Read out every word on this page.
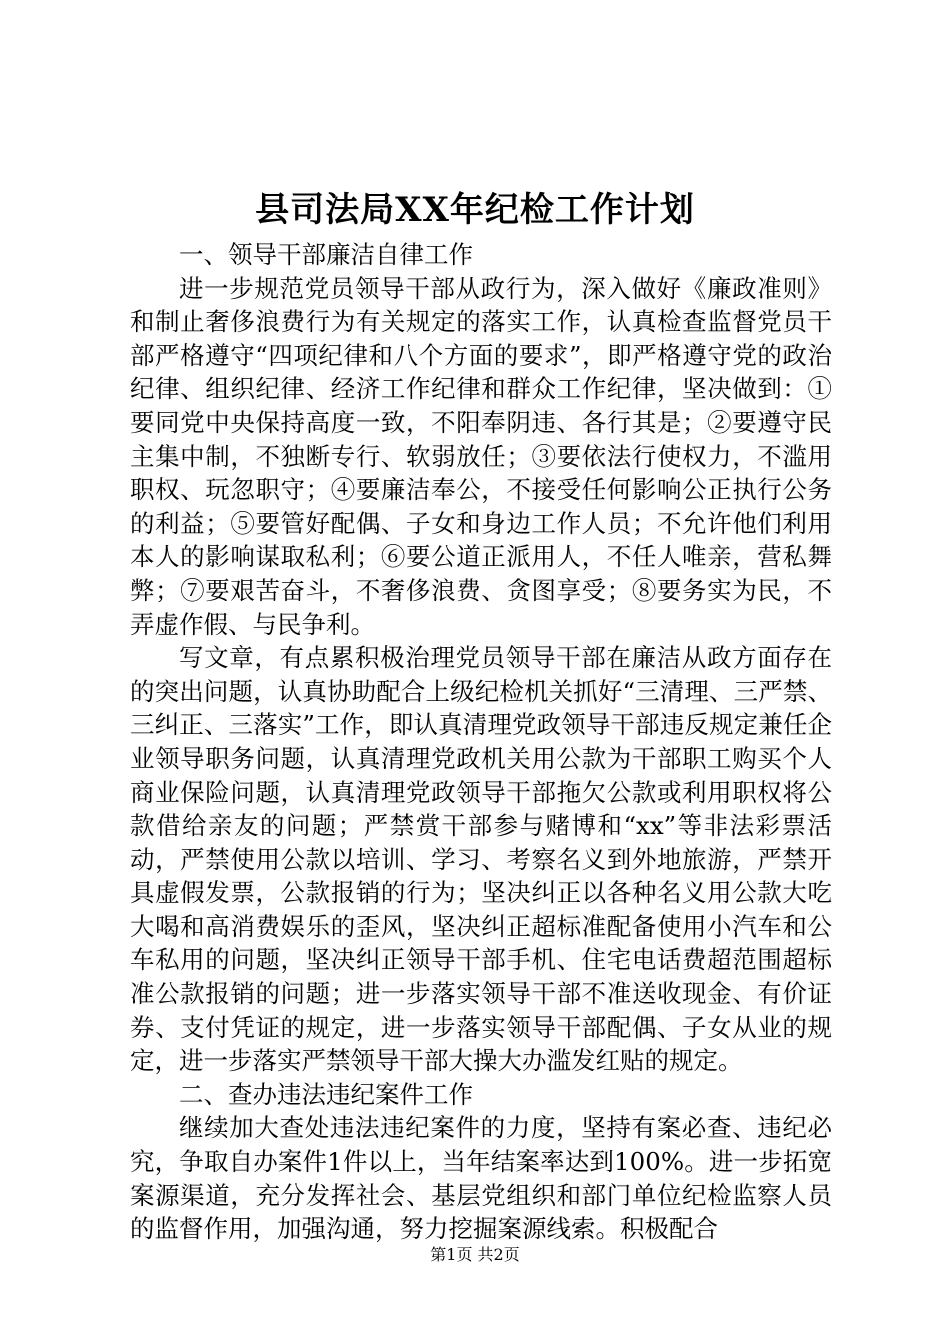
县司法局XX年纪检工作计划

一、领导干部廉洁自律工作

进一步规范党员领导干部从政行为，深入做好《廉政准则》和制止奢侈浪费行为有关规定的落实工作，认真检查监督党员干部严格遵守“四项纪律和八个方面的要求”，即严格遵守党的政治纪律、组织纪律、经济工作纪律和群众工作纪律，坚决做到：①要同党中央保持高度一致，不阳奉阴违、各行其是；②要遵守民主集中制，不独断专行、软弱放任；③要依法行使权力，不滥用职权、玩忽职守；④要廉洁奉公，不接受任何影响公正执行公务的利益；⑤要管好配偶、子女和身边工作人员；不允许他们利用本人的影响谋取私利；⑥要公道正派用人，不任人唯亲，营私舞弊；⑦要艰苦奋斗，不奢侈浪费、贪图享受；⑧要务实为民，不弄虚作假、与民争利。

写文章，有点累积极治理党员领导干部在廉洁从政方面存在的突出问题，认真协助配合上级纪检机关抓好“三清理、三严禁、三纠正、三落实”工作，即认真清理党政领导干部违反规定兼任企业领导职务问题，认真清理党政机关用公款为干部职工购买个人商业保险问题，认真清理党政领导干部拖欠公款或利用职权将公款借给亲友的问题；严禁赏干部参与赌博和“xx”等非法彩票活动，严禁使用公款以培训、学习、考察名义到外地旅游，严禁开具虚假发票，公款报销的行为；坚决纠正以各种名义用公款大吃大喝和高消费娱乐的歪风，坚决纠正超标准配备使用小汽车和公车私用的问题，坚决纠正领导干部手机、住宅电话费超范围超标准公款报销的问题；进一步落实领导干部不准送收现金、有价证券、支付凭证的规定，进一步落实领导干部配偶、子女从业的规定，进一步落实严禁领导干部大操大办滥发红贴的规定。

二、查办违法违纪案件工作

继续加大查处违法违纪案件的力度，坚持有案必查、违纪必究，争取自办案件1件以上，当年结案率达到100%。进一步拓宽案源渠道，充分发挥社会、基层党组织和部门单位纪检监察人员的监督作用，加强沟通，努力挖掘案源线索。积极配合

第1页 共2页
